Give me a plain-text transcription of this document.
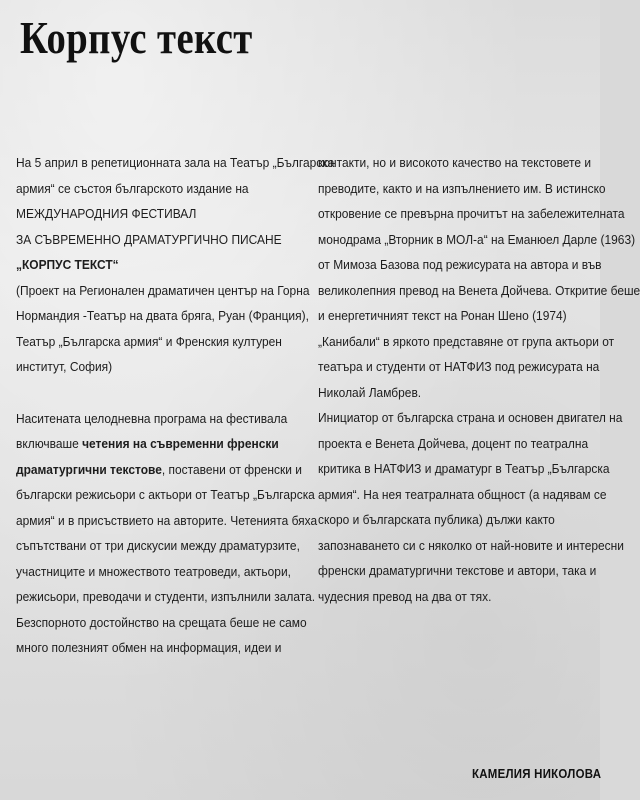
Корпус текст
На 5 април в репетиционната зала на Театър „Българска
армия“ се състоя българското издание на
МЕЖДУНАРОДНИЯ ФЕСТИВАЛ
ЗА СЪВРЕМЕННО ДРАМАТУРГИЧНО ПИСАНЕ
„КОРПУС ТЕКСТ“
(Проект на Регионален драматичен център на Горна
Нормандия -Театър на двата бряга, Руан (Франция),
Театър „Българска армия“ и Френския културен
институт, София)
Наситената целодневна програма на фестивала
включваше четения на съвременни френски
драматургични текстове, поставени от френски и
български режисьори с актьори от Театър „Българска
армия“ и в присъствието на авторите. Четенията бяха
съпътствани от три дискусии между драматурзите,
участниците и множеството театроведи, актьори,
режисьори, преводачи и студенти, изпълнили залата.
Безспорното достойнство на срещата беше не само
много полезният обмен на информация, идеи и
контакти, но и високото качество на текстовете и
преводите, както и на изпълнението им. В истинско
откровение се превърна прочитът на забележителната
монодрама „Вторник в МОЛ-а“ на Еманюел Дарле (1963)
от Мимоза Базова под режисурата на автора и във
великолепния превод на Венета Дойчева. Откритие беше
и енергетичният текст на Ронан Шено (1974)
„Канибали“ в яркото представяне от група актьори от
театъра и студенти от НАТФИЗ под режисурата на
Николай Ламбрев.
Инициатор от българска страна и основен двигател на
проекта е Венета Дойчева, доцент по театрална
критика в НАТФИЗ и драматург в Театър „Българска
армия“. На нея театралната общност (а надявам се
скоро и българската публика) дължи както
запознаването си с няколко от най-новите и интересни
френски драматургични текстове и автори, така и
чудесния превод на два от тях.
КАМЕЛИЯ НИКОЛОВА
